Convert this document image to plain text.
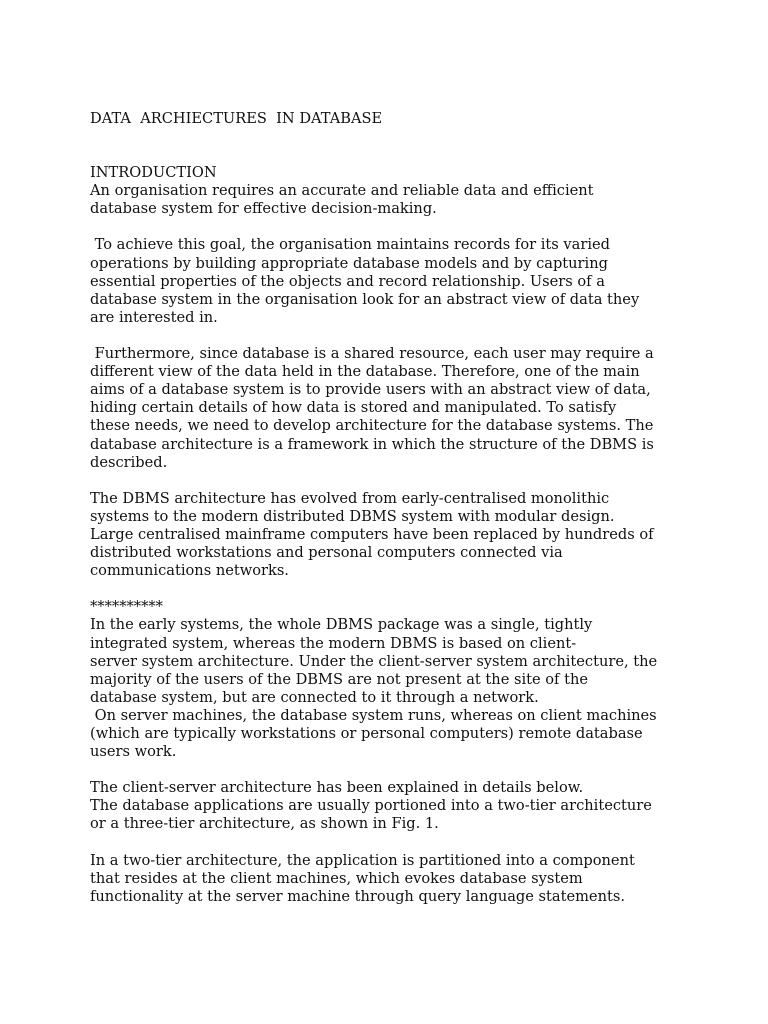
DATA  ARCHIECTURES  IN DATABASE
INTRODUCTION
An organisation requires an accurate and reliable data and efficient
database system for effective decision-making.
To achieve this goal, the organisation maintains records for its varied
operations by building appropriate database models and by capturing
essential properties of the objects and record relationship. Users of a
database system in the organisation look for an abstract view of data they
are interested in.
Furthermore, since database is a shared resource, each user may require a
different view of the data held in the database. Therefore, one of the main
aims of a database system is to provide users with an abstract view of data,
hiding certain details of how data is stored and manipulated. To satisfy
these needs, we need to develop architecture for the database systems. The
database architecture is a framework in which the structure of the DBMS is
described.
The DBMS architecture has evolved from early-centralised monolithic
systems to the modern distributed DBMS system with modular design.
Large centralised mainframe computers have been replaced by hundreds of
distributed workstations and personal computers connected via
communications networks.
**********
In the early systems, the whole DBMS package was a single, tightly
integrated system, whereas the modern DBMS is based on client-
server system architecture. Under the client-server system architecture, the
majority of the users of the DBMS are not present at the site of the
database system, but are connected to it through a network.
On server machines, the database system runs, whereas on client machines
(which are typically workstations or personal computers) remote database
users work.
The client-server architecture has been explained in details below.
The database applications are usually portioned into a two-tier architecture
or a three-tier architecture, as shown in Fig. 1.
In a two-tier architecture, the application is partitioned into a component
that resides at the client machines, which evokes database system
functionality at the server machine through query language statements.
